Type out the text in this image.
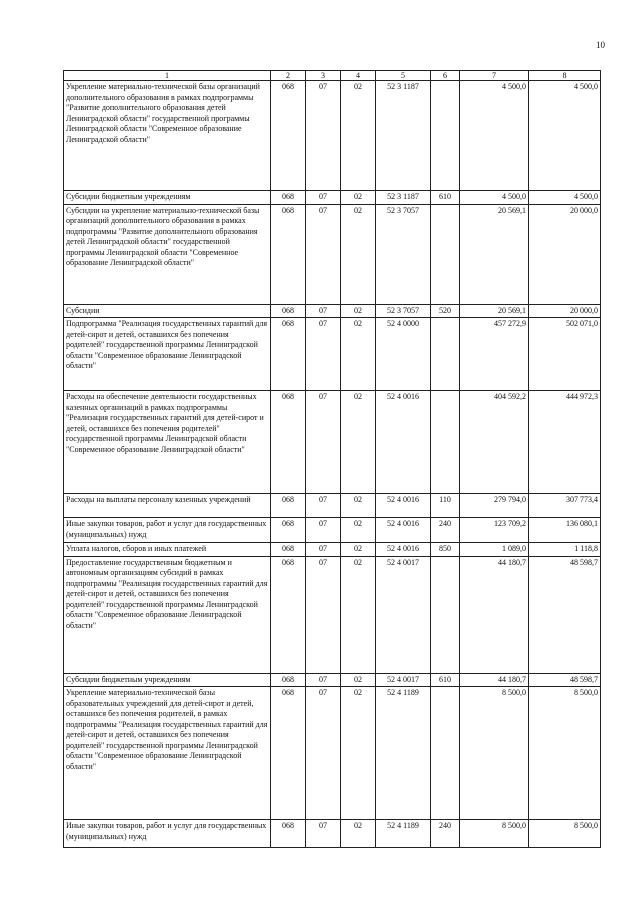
10
1	2	3	4	5	6	7	8
Укрепление материально-технической базы организаций дополнительного образования в рамках подпрограммы "Развитие дополнительного образования детей Ленинградской области" государственной программы Ленинградской области "Современное образование Ленинградской области"	068	07	02	52 3 1187		4 500,0	4 500,0
Субсидии бюджетным учреждениям	068	07	02	52 3 1187	610	4 500,0	4 500,0
Субсидии на укрепление материально-технической базы организаций дополнительного образования в рамках подпрограммы "Развитие дополнительного образования детей Ленинградской области" государственной программы Ленинградской области "Современное образование Ленинградской области"	068	07	02	52 3 7057		20 569,1	20 000,0
Субсидии	068	07	02	52 3 7057	520	20 569,1	20 000,0
Подпрограмма "Реализация государственных гарантий для детей-сирот и детей, оставшихся без попечения родителей" государственной программы Ленинградской области "Современное образование Ленинградской области"	068	07	02	52 4 0000		457 272,9	502 071,0
Расходы на обеспечение деятельности государственных казенных организаций в рамках подпрограммы "Реализация государственных гарантий для детей-сирот и детей, оставшихся без попечения родителей" государственной программы Ленинградской области "Современное образование Ленинградской области"	068	07	02	52 4 0016		404 592,2	444 972,3
Расходы на выплаты персоналу казенных учреждений	068	07	02	52 4 0016	110	279 794,0	307 773,4
Иные закупки товаров, работ и услуг для государственных (муниципальных) нужд	068	07	02	52 4 0016	240	123 709,2	136 080,1
Уплата налогов, сборов и иных платежей	068	07	02	52 4 0016	850	1 089,0	1 118,8
Предоставление государственным бюджетным и автономным организациям субсидий в рамках подпрограммы "Реализация государственных гарантий для детей-сирот и детей, оставшихся без попечения родителей" государственной программы Ленинградской области "Современное образование Ленинградской области"	068	07	02	52 4 0017		44 180,7	48 598,7
Субсидии бюджетным учреждениям	068	07	02	52 4 0017	610	44 180,7	48 598,7
Укрепление материально-технической базы образовательных учреждений для детей-сирот и детей, оставшихся без попечения родителей, в рамках подпрограммы "Реализация государственных гарантий для детей-сирот и детей, оставшихся без попечения родителей" государственной программы Ленинградской области "Современное образование Ленинградской области"	068	07	02	52 4 1189		8 500,0	8 500,0
Иные закупки товаров, работ и услуг для государственных (муниципальных) нужд	068	07	02	52 4 1189	240	8 500,0	8 500,0
